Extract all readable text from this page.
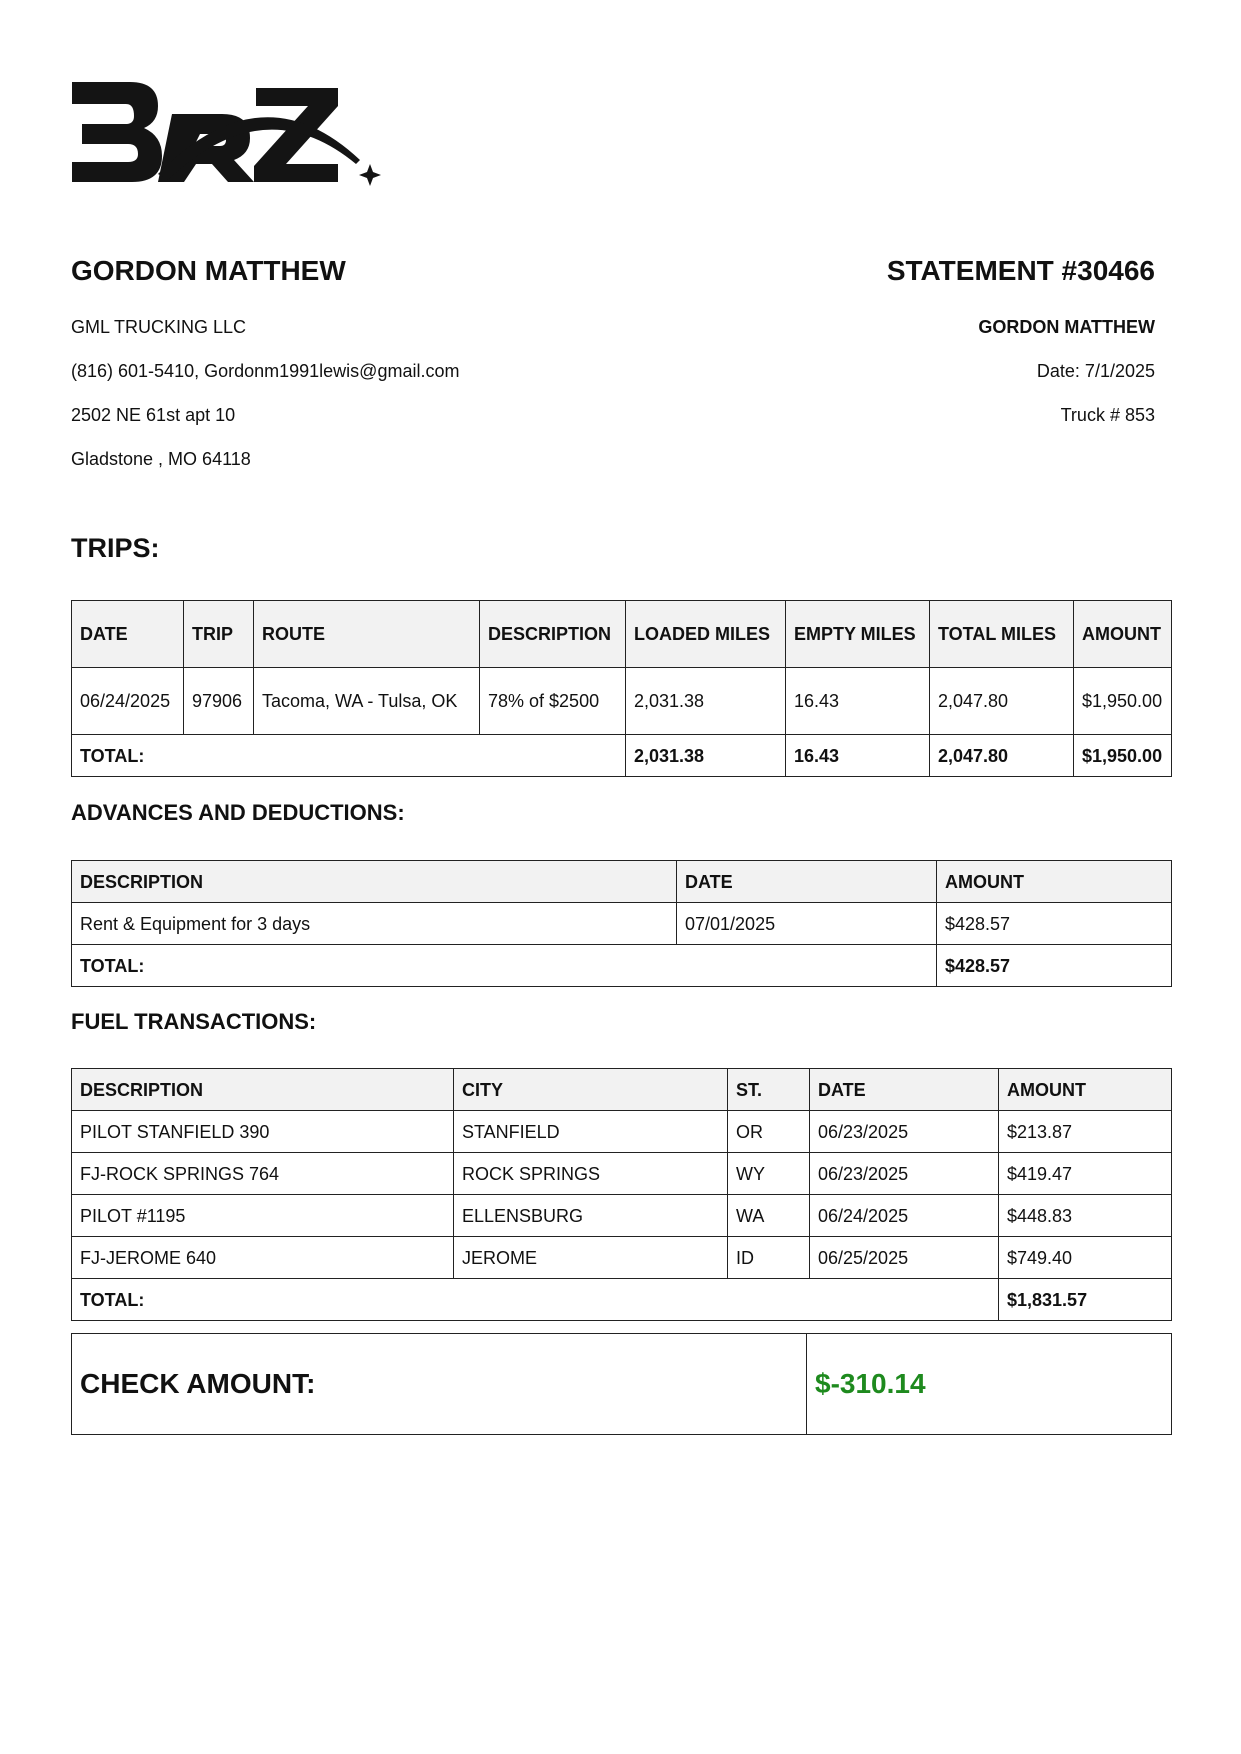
GORDON MATTHEW
GML TRUCKING LLC
(816) 601-5410, Gordonm1991lewis@gmail.com
2502 NE 61st apt 10
Gladstone , MO 64118
STATEMENT #30466
GORDON MATTHEW
Date: 7/1/2025
Truck # 853
TRIPS:
DATE	TRIP	ROUTE	DESCRIPTION	LOADED MILES	EMPTY MILES	TOTAL MILES	AMOUNT
06/24/2025	97906	Tacoma, WA - Tulsa, OK	78% of $2500	2,031.38	16.43	2,047.80	$1,950.00
TOTAL:				2,031.38	16.43	2,047.80	$1,950.00
ADVANCES AND DEDUCTIONS:
DESCRIPTION	DATE	AMOUNT
Rent & Equipment for 3 days	07/01/2025	$428.57
TOTAL:		$428.57
FUEL TRANSACTIONS:
DESCRIPTION	CITY	ST.	DATE	AMOUNT
PILOT STANFIELD 390	STANFIELD	OR	06/23/2025	$213.87
FJ-ROCK SPRINGS 764	ROCK SPRINGS	WY	06/23/2025	$419.47
PILOT #1195	ELLENSBURG	WA	06/24/2025	$448.83
FJ-JEROME 640	JEROME	ID	06/25/2025	$749.40
TOTAL:				$1,831.57
CHECK AMOUNT:	$-310.14
